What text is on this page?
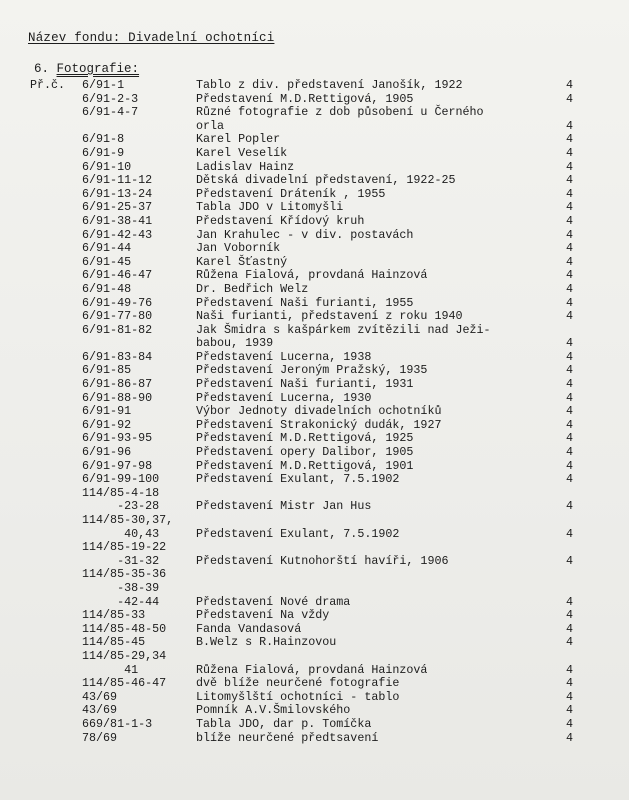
Název fondu: Divadelní ochotníci
6. Fotografie:
Př.č. 6/91-1	Tablo z div. představení Janošík, 1922	4
6/91-2-3	Představení M.D.Rettigová, 1905	4
6/91-4-7	Různé fotografie z dob působení u Černého
orla	4
6/91-8	Karel Popler	4
6/91-9	Karel Veselík	4
6/91-10	Ladislav Hainz	4
6/91-11-12	Dětská divadelní představení, 1922-25	4
6/91-13-24	Představení Dráteník , 1955	4
6/91-25-37	Tabla JDO v Litomyšli	4
6/91-38-41	Představení Křídový kruh	4
6/91-42-43	Jan Krahulec - v div. postavách	4
6/91-44	Jan Voborník	4
6/91-45	Karel Šťastný	4
6/91-46-47	Růžena Fialová, provdaná Hainzová	4
6/91-48	Dr. Bedřich Welz	4
6/91-49-76	Představení Naši furianti, 1955	4
6/91-77-80	Naši furianti, představení z roku 1940	4
6/91-81-82	Jak Šmidra s kašpárkem zvítězili nad Ježi-
babou, 1939	4
6/91-83-84	Představení Lucerna, 1938	4
6/91-85	Představení Jeroným Pražský, 1935	4
6/91-86-87	Představení Naši furianti, 1931	4
6/91-88-90	Představení Lucerna, 1930	4
6/91-91	Výbor Jednoty divadelních ochotníků	4
6/91-92	Představení Strakonický dudák, 1927	4
6/91-93-95	Představení M.D.Rettigová, 1925	4
6/91-96	Představení opery Dalibor, 1905	4
6/91-97-98	Představení M.D.Rettigová, 1901	4
6/91-99-100	Představení Exulant, 7.5.1902	4
114/85-4-18
-23-28	Představení Mistr Jan Hus	4
114/85-30,37,
40,43	Představení Exulant, 7.5.1902	4
114/85-19-22
-31-32	Představení Kutnohorští havíři, 1906	4
114/85-35-36
-38-39
-42-44	Představení Nové drama	4
114/85-33	Představení Na vždy	4
114/85-48-50	Fanda Vandasová	4
114/85-45	B.Welz s R.Hainzovou	4
114/85-29,34
41	Růžena Fialová, provdaná Hainzová	4
114/85-46-47	dvě blíže neurčené fotografie	4
43/69	Litomyšlští ochotníci - tablo	4
43/69	Pomník A.V.Šmilovského	4
669/81-1-3	Tabla JDO, dar p. Tomíčka	4
78/69	blíže neurčené předtsavení	4
